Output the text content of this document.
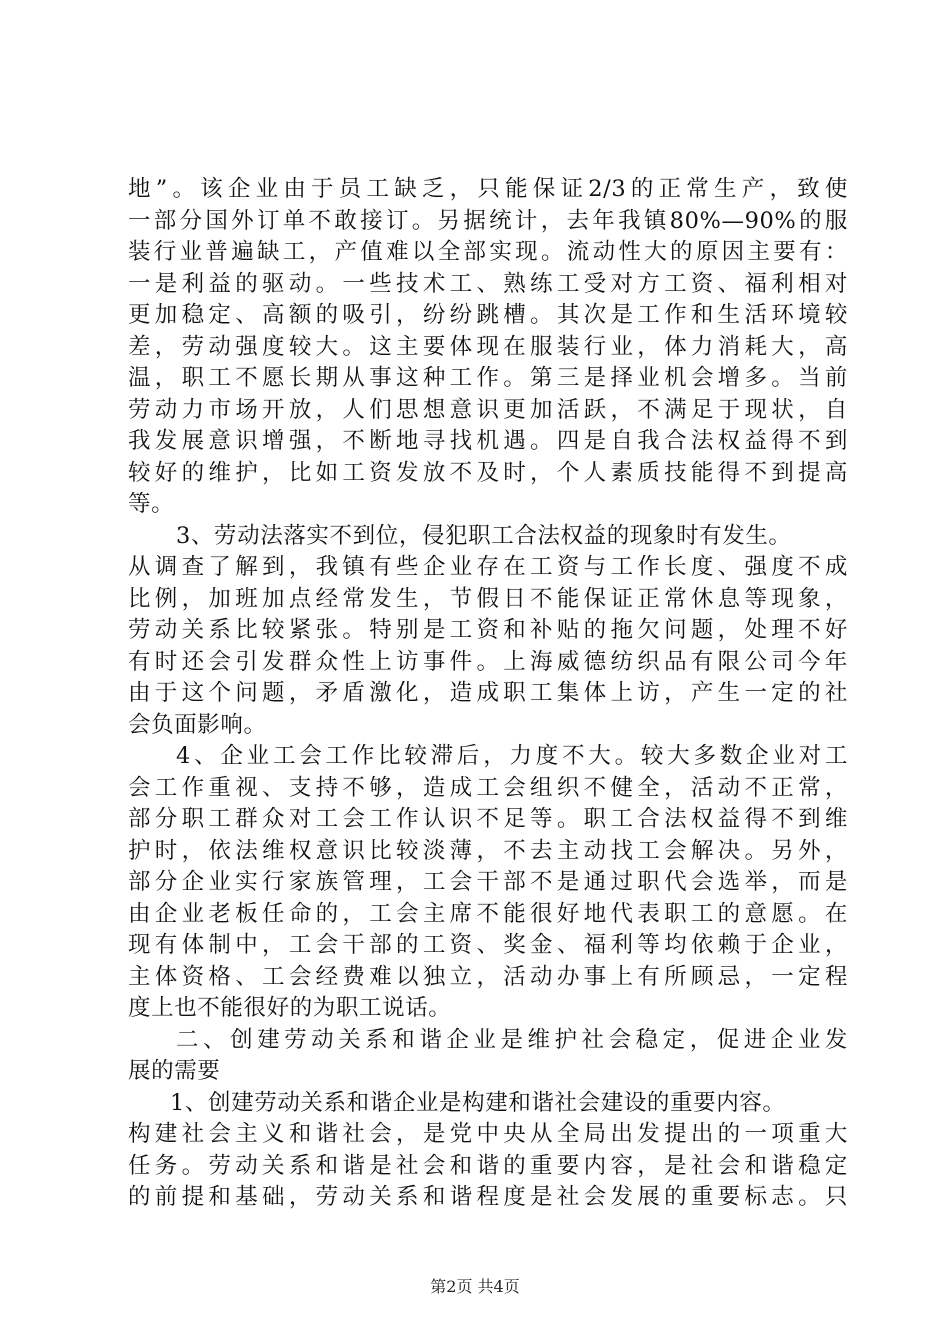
地”。该企业由于员工缺乏，只能保证2/3的正常生产，致使
一部分国外订单不敢接订。另据统计，去年我镇80%—90%的服
装行业普遍缺工，产值难以全部实现。流动性大的原因主要有：
一是利益的驱动。一些技术工、熟练工受对方工资、福利相对
更加稳定、高额的吸引，纷纷跳槽。其次是工作和生活环境较
差，劳动强度较大。这主要体现在服装行业，体力消耗大，高
温，职工不愿长期从事这种工作。第三是择业机会增多。当前
劳动力市场开放，人们思想意识更加活跃，不满足于现状，自
我发展意识增强，不断地寻找机遇。四是自我合法权益得不到
较好的维护，比如工资发放不及时，个人素质技能得不到提高
等。
3、劳动法落实不到位，侵犯职工合法权益的现象时有发生。
从调查了解到，我镇有些企业存在工资与工作长度、强度不成
比例，加班加点经常发生，节假日不能保证正常休息等现象，
劳动关系比较紧张。特别是工资和补贴的拖欠问题，处理不好
有时还会引发群众性上访事件。上海威德纺织品有限公司今年
由于这个问题，矛盾激化，造成职工集体上访，产生一定的社
会负面影响。
4、企业工会工作比较滞后，力度不大。较大多数企业对工
会工作重视、支持不够，造成工会组织不健全，活动不正常，
部分职工群众对工会工作认识不足等。职工合法权益得不到维
护时，依法维权意识比较淡薄，不去主动找工会解决。另外，
部分企业实行家族管理，工会干部不是通过职代会选举，而是
由企业老板任命的，工会主席不能很好地代表职工的意愿。在
现有体制中，工会干部的工资、奖金、福利等均依赖于企业，
主体资格、工会经费难以独立，活动办事上有所顾忌，一定程
度上也不能很好的为职工说话。
二、创建劳动关系和谐企业是维护社会稳定，促进企业发
展的需要
1、创建劳动关系和谐企业是构建和谐社会建设的重要内容。
构建社会主义和谐社会，是党中央从全局出发提出的一项重大
任务。劳动关系和谐是社会和谐的重要内容，是社会和谐稳定
的前提和基础，劳动关系和谐程度是社会发展的重要标志。只
第2页 共4页
